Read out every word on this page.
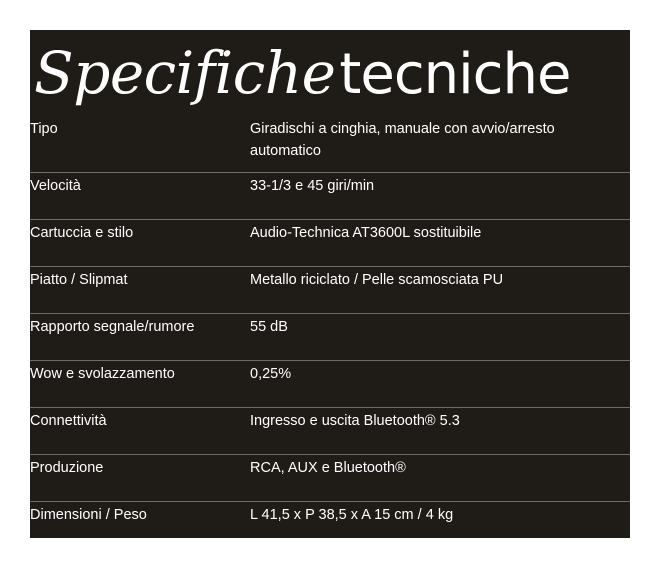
Specifiche tecniche
Tipo	Giradischi a cinghia, manuale con avvio/arresto automatico
Velocità	33-1/3 e 45 giri/min
Cartuccia e stilo	Audio-Technica AT3600L sostituibile
Piatto / Slipmat	Metallo riciclato / Pelle scamosciata PU
Rapporto segnale/rumore	55 dB
Wow e svolazzamento	0,25%
Connettività	Ingresso e uscita Bluetooth® 5.3
Produzione	RCA, AUX e Bluetooth®
Dimensioni / Peso	L 41,5 x P 38,5 x A 15 cm / 4 kg
